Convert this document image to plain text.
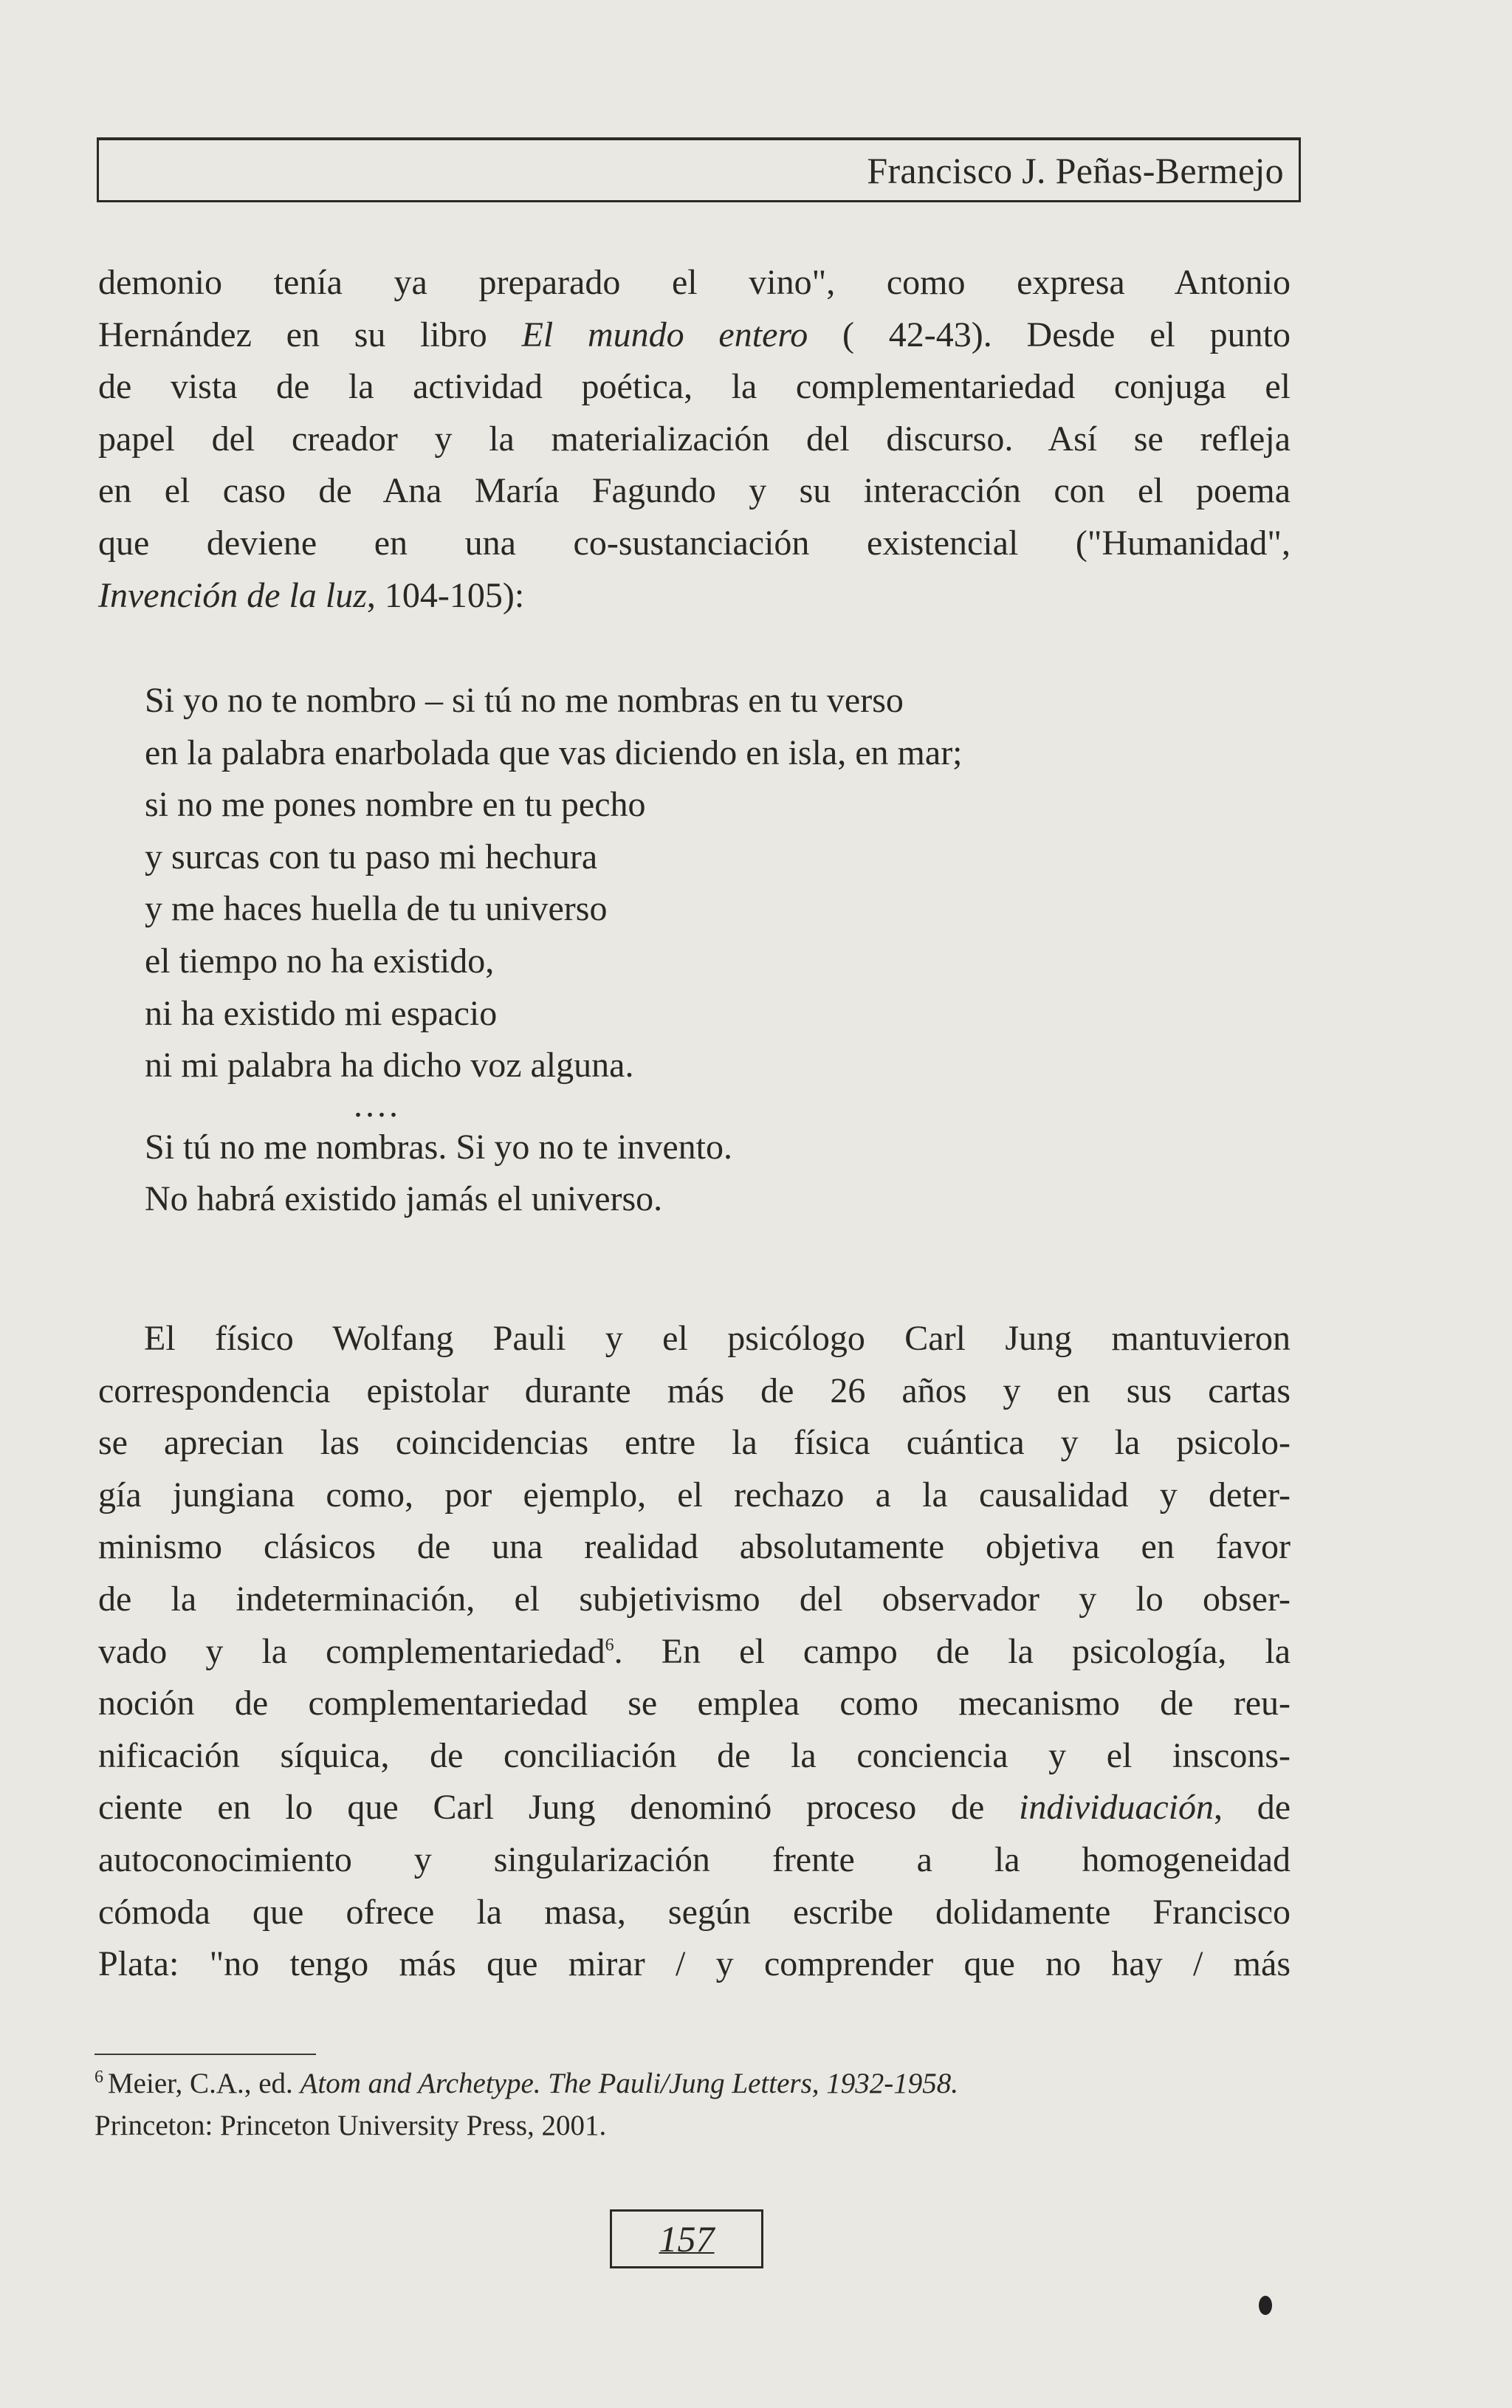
Francisco J. Peñas-Bermejo

demonio tenía ya preparado el vino", como expresa Antonio
Hernández en su libro El mundo entero ( 42-43). Desde el punto
de vista de la actividad poética, la complementariedad conjuga el
papel del creador y la materialización del discurso. Así se refleja
en el caso de Ana María Fagundo y su interacción con el poema
que deviene en una co-sustanciación existencial ("Humanidad",
Invención de la luz, 104-105):

Si yo no te nombro – si tú no me nombras en tu verso
en la palabra enarbolada que vas diciendo en isla, en mar;
si no me pones nombre en tu pecho
y surcas con tu paso mi hechura
y me haces huella de tu universo
el tiempo no ha existido,
ni ha existido mi espacio
ni mi palabra ha dicho voz alguna.
....
Si tú no me nombras. Si yo no te invento.
No habrá existido jamás el universo.

El físico Wolfang Pauli y el psicólogo Carl Jung mantuvieron
correspondencia epistolar durante más de 26 años y en sus cartas
se aprecian las coincidencias entre la física cuántica y la psicolo-
gía jungiana como, por ejemplo, el rechazo a la causalidad y deter-
minismo clásicos de una realidad absolutamente objetiva en favor
de la indeterminación, el subjetivismo del observador y lo obser-
vado y la complementariedad$^6$. En el campo de la psicología, la
noción de complementariedad se emplea como mecanismo de reu-
nificación síquica, de conciliación de la conciencia y el inscons-
ciente en lo que Carl Jung denominó proceso de individuación, de
autoconocimiento y singularización frente a la homogeneidad
cómoda que ofrece la masa, según escribe dolidamente Francisco
Plata: "no tengo más que mirar / y comprender que no hay / más

$^6$ Meier, C.A., ed. Atom and Archetype. The Pauli/Jung Letters, 1932-1958.
Princeton: Princeton University Press, 2001.
157
